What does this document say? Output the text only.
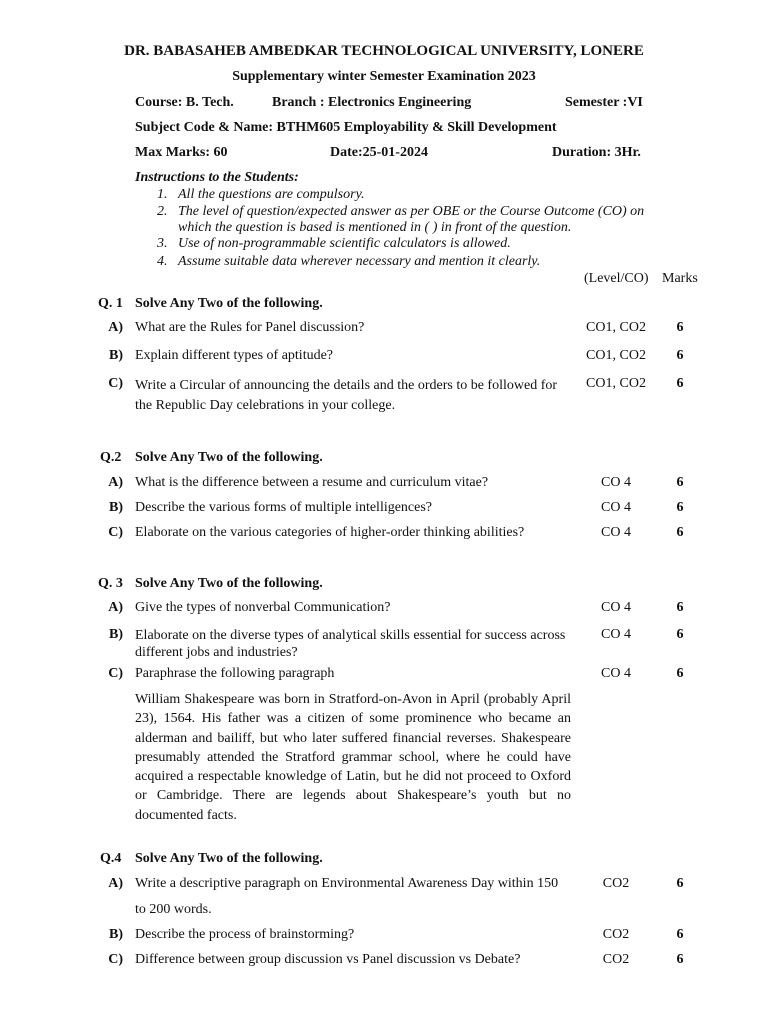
DR. BABASAHEB AMBEDKAR TECHNOLOGICAL UNIVERSITY, LONERE
Supplementary winter Semester Examination 2023
Course: B. Tech.	Branch : Electronics Engineering	Semester :VI
Subject Code & Name: BTHM605 Employability & Skill Development
Max Marks: 60	Date:25-01-2024	Duration: 3Hr.
Instructions to the Students:
1. All the questions are compulsory.
2. The level of question/expected answer as per OBE or the Course Outcome (CO) on
which the question is based is mentioned in ( ) in front of the question.
3. Use of non-programmable scientific calculators is allowed.
4. Assume suitable data wherever necessary and mention it clearly.
(Level/CO) Marks
Q. 1 Solve Any Two of the following.
A) What are the Rules for Panel discussion?	CO1, CO2	6
B) Explain different types of aptitude?	CO1, CO2	6
C) Write a Circular of announcing the details and the orders to be followed for the Republic Day celebrations in your college.
CO1, CO2	6
Q.2 Solve Any Two of the following.
A) What is the difference between a resume and curriculum vitae?	CO 4	6
B) Describe the various forms of multiple intelligences?	CO 4	6
C) Elaborate on the various categories of higher-order thinking abilities?	CO 4	6
Q. 3 Solve Any Two of the following.
A) Give the types of nonverbal Communication?	CO 4	6
B) Elaborate on the diverse types of analytical skills essential for success across different jobs and industries?
CO 4	6
C) Paraphrase the following paragraph	CO 4	6
William Shakespeare was born in Stratford-on-Avon in April (probably April 23), 1564. His father was a citizen of some prominence who became an alderman and bailiff, but who later suffered financial reverses. Shakespeare presumably attended the Stratford grammar school, where he could have acquired a respectable knowledge of Latin, but he did not proceed to Oxford or Cambridge. There are legends about Shakespeare’s youth but no documented facts.
Q.4 Solve Any Two of the following.
A) Write a descriptive paragraph on Environmental Awareness Day within 150
to 200 words.
CO2	6
B) Describe the process of brainstorming?	CO2	6
C) Difference between group discussion vs Panel discussion vs Debate?	CO2	6
